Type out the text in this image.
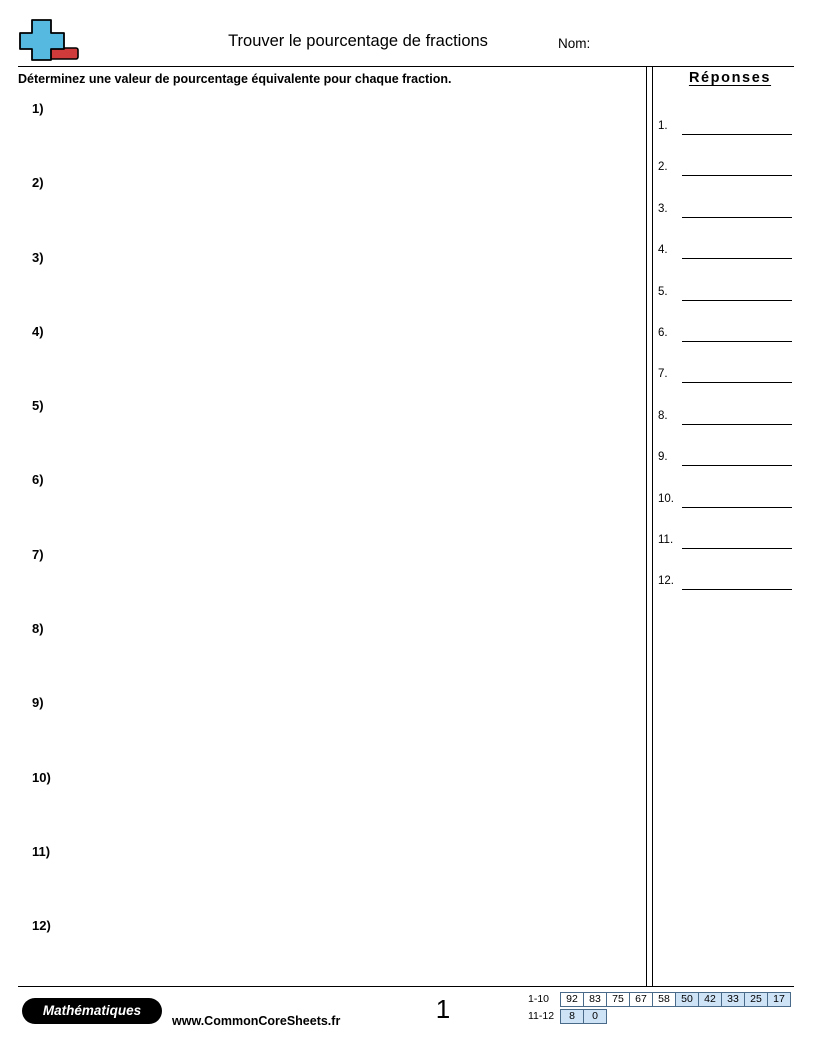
Trouver le pourcentage de fractions	Nom:
Déterminez une valeur de pourcentage équivalente pour chaque fraction.
1)
2)
3)
4)
5)
6)
7)
8)
9)
10)
11)
12)
Réponses
1.
2.
3.
4.
5.
6.
7.
8.
9.
10.
11.
12.
Mathématiques
www.CommonCoreSheets.fr	1	1-10	92	83	75	67	58	50	42	33	25	17
11-12	8	0
